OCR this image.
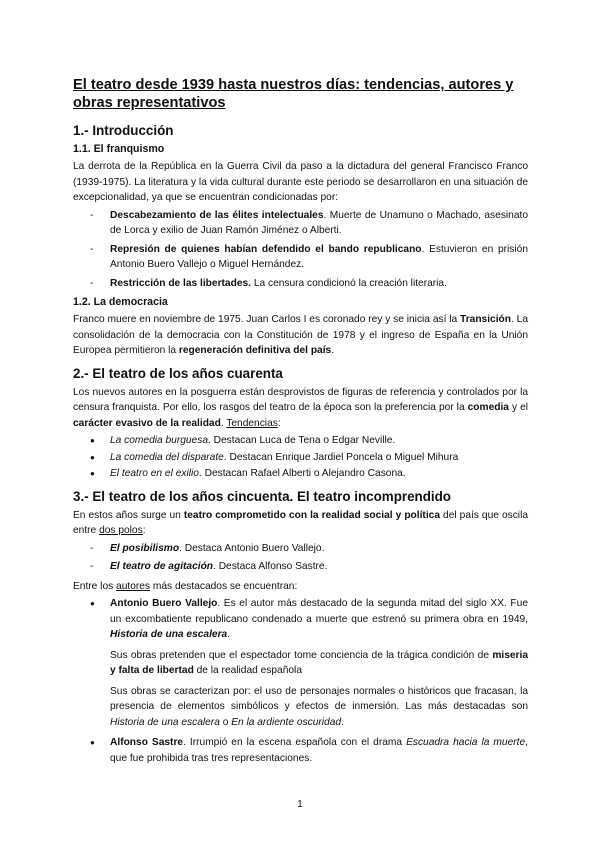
El teatro desde 1939 hasta nuestros días: tendencias, autores y obras representativos
1.- Introducción
1.1. El franquismo

La derrota de la República en la Guerra Civil da paso a la dictadura del general Francisco Franco (1939-1975). La literatura y la vida cultural durante este periodo se desarrollaron en una situación de excepcionalidad, ya que se encuentran condicionadas por:

- Descabezamiento de las élites intelectuales. Muerte de Unamuno o Machado, asesinato de Lorca y exilio de Juan Ramón Jiménez o Alberti.
- Represión de quienes habían defendido el bando republicano. Estuvieron en prisión Antonio Buero Vallejo o Miguel Hernández.
- Restricción de las libertades. La censura condicionó la creación literaria.
1.2. La democracia

Franco muere en noviembre de 1975. Juan Carlos I es coronado rey y se inicia así la Transición. La consolidación de la democracia con la Constitución de 1978 y el ingreso de España en la Unión Europea permitieron la regeneración definitiva del país.

2.- El teatro de los años cuarenta

Los nuevos autores en la posguerra están desprovistos de figuras de referencia y controlados por la censura franquista. Por ello, los rasgos del teatro de la época son la preferencia por la comedia y el carácter evasivo de la realidad. Tendencias:

● La comedia burguesa. Destacan Luca de Tena o Edgar Neville.
● La comedia del disparate. Destacan Enrique Jardiel Poncela o Miguel Mihura
● El teatro en el exilio. Destacan Rafael Alberti o Alejandro Casona.
3.- El teatro de los años cincuenta. El teatro incomprendido

En estos años surge un teatro comprometido con la realidad social y política del país que oscila entre dos polos:

- El posibilismo. Destaca Antonio Buero Vallejo.
- El teatro de agitación. Destaca Alfonso Sastre.

Entre los autores más destacados se encuentran:

● Antonio Buero Vallejo. Es el autor más destacado de la segunda mitad del siglo XX. Fue un excombatiente republicano condenado a muerte que estrenó su primera obra en 1949, Historia de una escalera.

Sus obras pretenden que el espectador tome conciencia de la trágica condición de miseria y falta de libertad de la realidad española

Sus obras se caracterizan por: el uso de personajes normales o históricos que fracasan, la presencia de elementos simbólicos y efectos de inmersión. Las más destacadas son Historia de una escalera o En la ardiente oscuridad.

● Alfonso Sastre. Irrumpió en la escena española con el drama Escuadra hacia la muerte, que fue prohibida tras tres representaciones.

1
